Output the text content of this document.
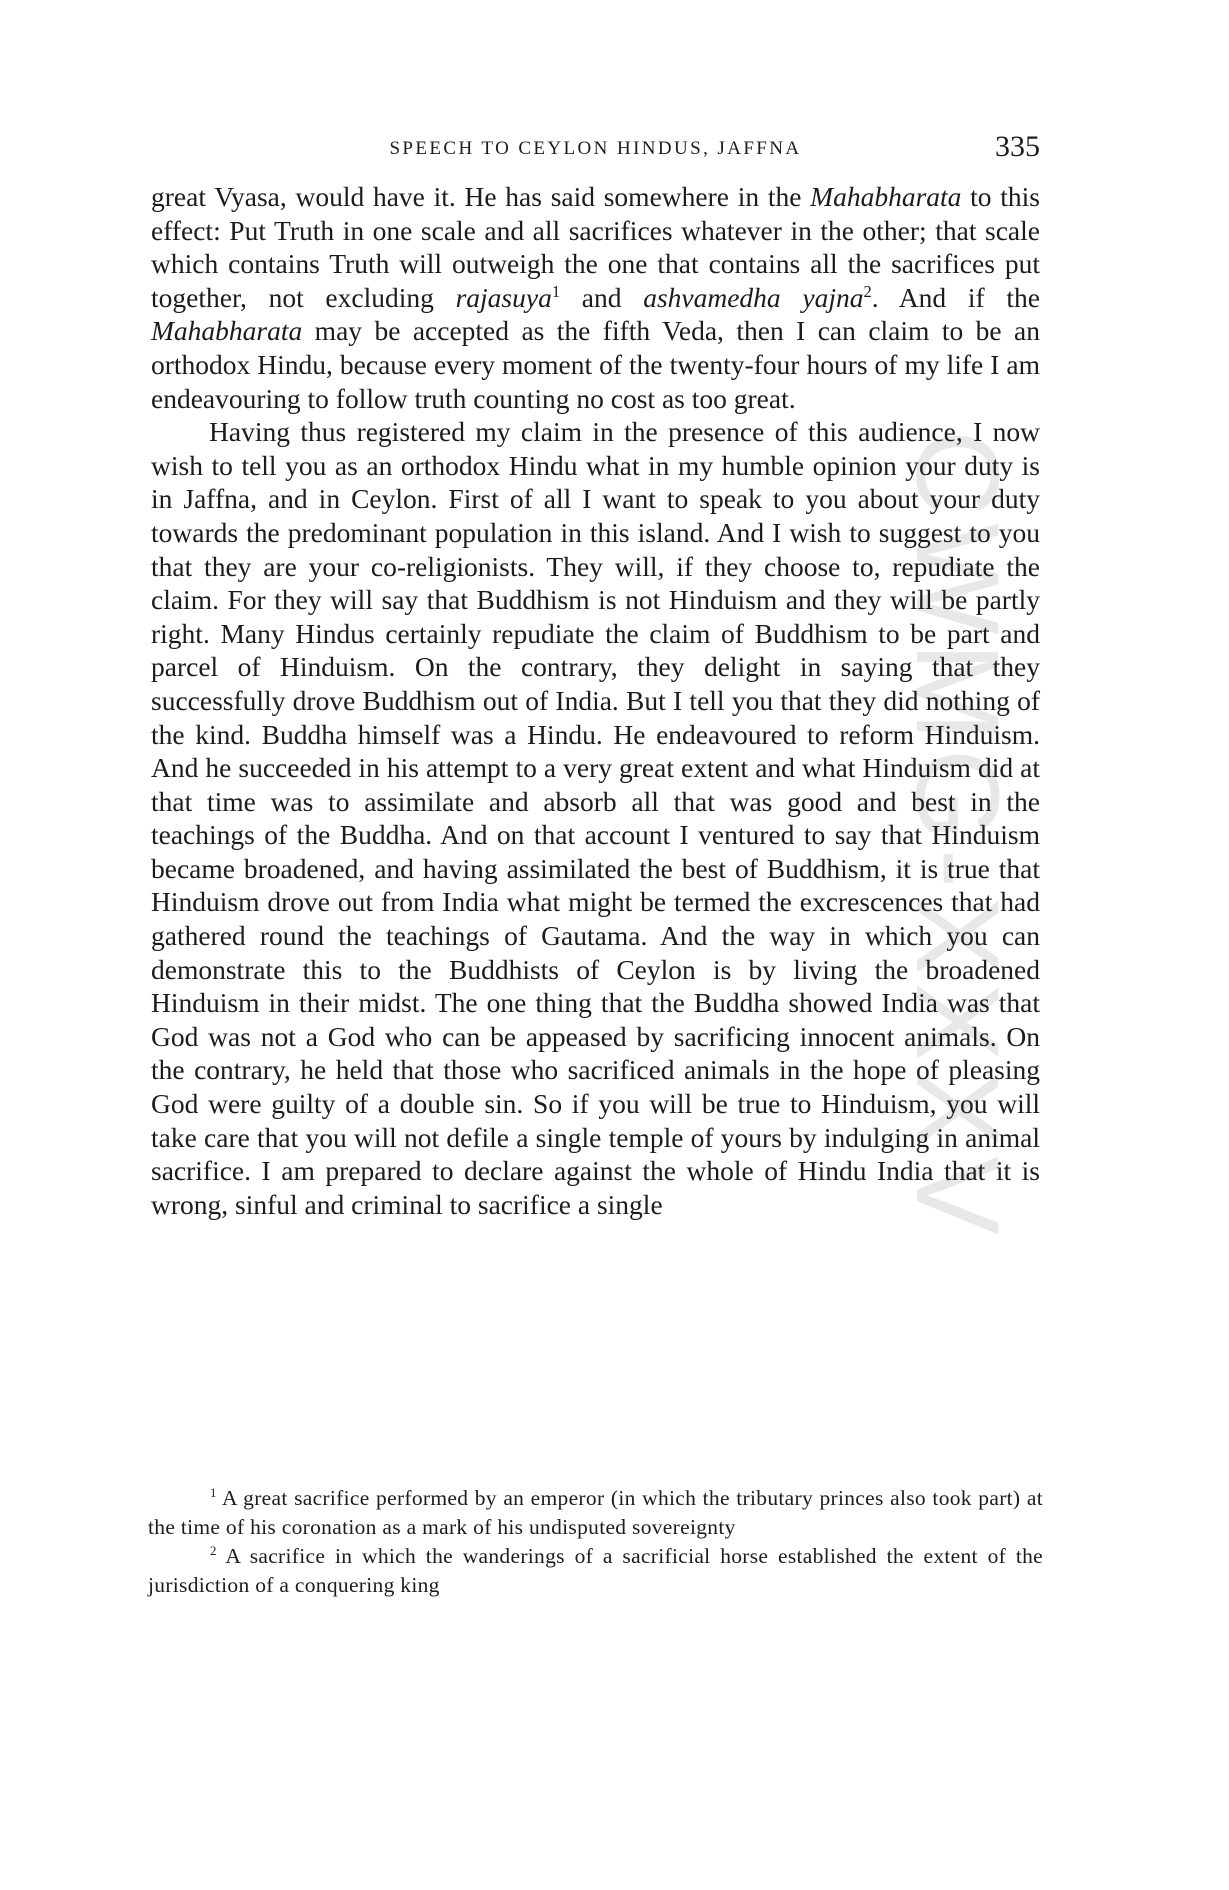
CWMG-XXXV
SPEECH TO CEYLON HINDUS, JAFFNA	335

great Vyasa, would have it. He has said somewhere in the Mahabharata to this effect: Put Truth in one scale and all sacrifices whatever in the other; that scale which contains Truth will outweigh the one that contains all the sacrifices put together, not excluding rajasuya$^1$ and ashvamedha yajna$^2$. And if the Mahabharata may be accepted as the fifth Veda, then I can claim to be an orthodox Hindu, because every moment of the twenty-four hours of my life I am endeavouring to follow truth counting no cost as too great.

Having thus registered my claim in the presence of this audience, I now wish to tell you as an orthodox Hindu what in my humble opinion your duty is in Jaffna, and in Ceylon. First of all I want to speak to you about your duty towards the predominant population in this island. And I wish to suggest to you that they are your co-religionists. They will, if they choose to, repudiate the claim. For they will say that Buddhism is not Hinduism and they will be partly right. Many Hindus certainly repudiate the claim of Buddhism to be part and parcel of Hinduism. On the contrary, they delight in saying that they successfully drove Buddhism out of India. But I tell you that they did nothing of the kind. Buddha himself was a Hindu. He endeavoured to reform Hinduism. And he succeeded in his attempt to a very great extent and what Hinduism did at that time was to assimilate and absorb all that was good and best in the teachings of the Buddha. And on that account I ventured to say that Hinduism became broadened, and having assimilated the best of Buddhism, it is true that Hinduism drove out from India what might be termed the excrescences that had gathered round the teachings of Gautama. And the way in which you can demonstrate this to the Buddhists of Ceylon is by living the broadened Hinduism in their midst. The one thing that the Buddha showed India was that God was not a God who can be appeased by sacrificing innocent animals. On the contrary, he held that those who sacrificed animals in the hope of pleasing God were guilty of a double sin. So if you will be true to Hinduism, you will take care that you will not defile a single temple of yours by indulging in animal sacrifice. I am prepared to declare against the whole of Hindu India that it is wrong, sinful and criminal to sacrifice a single

$^1$ A great sacrifice performed by an emperor (in which the tributary princes also took part) at the time of his coronation as a mark of his undisputed sovereignty

$^2$ A sacrifice in which the wanderings of a sacrificial horse established the extent of the jurisdiction of a conquering king
